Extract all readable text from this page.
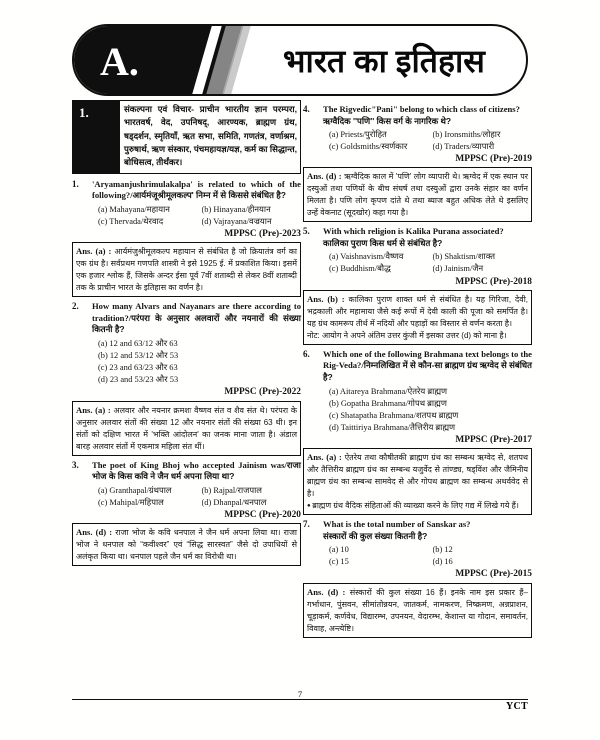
A.	भारत का इतिहास
1.	संकल्पना एवं विचार- प्राचीन भारतीय ज्ञान परम्परा, भारतवर्ष, वेद, उपनिषद्, आरण्यक, ब्राह्मण ग्रंथ, षड्दर्शन, स्मृतियाँ, ऋत सभा, समिति, गणतंत्र, वर्णाश्रम, पुरुषार्थ, ऋण संस्कार, पंचमहायज्ञ/यज्ञ, कर्म का सिद्धान्त, बोधिसत्व, तीर्थंकर।
1.	'Aryamanjushrimulakalpa' is related to which of the following?/आर्यमंजूश्रीमूलकल्प' निम्न में से किससे संबंधित है?
(a) Mahayana/महायान	(b) Hinayana/हीनयान
(c) Thervada/थेरवाद	(d) Vajrayana/वज्रयान
MPPSC (Pre)-2023
Ans. (a) : आर्यमंजुश्रीमूलकल्प महायान से संबंधित है जो क्रियातंत्र वर्ग का एक ग्रंथ है। सर्वप्रथम गणपति शास्त्री ने इसे 1925 ई. में प्रकाशित किया। इसमें एक हजार श्लोक हैं, जिसके अन्दर ईसा पूर्व 7वीं शताब्दी से लेकर 8वीं शताब्दी तक के प्राचीन भारत के इतिहास का वर्णन है।
2.	How many Alvars and Nayanars are there according to tradition?/परंपरा के अनुसार अलवारों और नयनारों की संख्या कितनी है?
(a) 12 and 63/12 और 63
(b) 12 and 53/12 और 53
(c) 23 and 63/23 और 63
(d) 23 and 53/23 और 53
MPPSC (Pre)-2022
Ans. (a) : अलवार और नयनार क्रमशः वैष्णव संत व शैव संत थे। परंपरा के अनुसार अलवार संतों की संख्या 12 और नयनार संतों की संख्या 63 थी। इन संतों को दक्षिण भारत में 'भक्ति आंदोलन' का जनक माना जाता है। अंडाल बारह अलवार संतों में एकमात्र महिला संत थीं।
3.	The poet of King Bhoj who accepted Jainism was/राजा भोज के किस कवि ने जैन धर्म अपना लिया था?
(a) Granthapal/ग्रंथपाल	(b) Rajpal/राजपाल
(c) Mahipal/महिपाल	(d) Dhanpal/धनपाल
MPPSC (Pre)-2020
Ans. (d) : राजा भोज के कवि धनपाल ने जैन धर्म अपना लिया था। राजा भोज ने धनपाल को “कवीश्वर” एवं “सिद्ध सारस्वत” जैसे दो उपाधियों से अलंकृत किया था। धनपाल पहले जैन धर्म का विरोधी था।
4.	The Rigvedic"Pani" belong to which class of citizens?
ऋग्वैदिक ''पणि'' किस वर्ग के नागरिक थे?
(a) Priests/पुरोहित	(b) Ironsmiths/लोहार
(c) Goldsmiths/स्वर्णकार	(d) Traders/व्यापारी
MPPSC (Pre)-2019
Ans. (d) : ऋग्वैदिक काल में 'पणि' लोग व्यापारी थे। ऋग्वेद में एक स्थान पर दस्युओं तथा पणियों के बीच संघर्ष तथा दस्युओं द्वारा उनके संहार का वर्णन मिलता है। पणि लोग कृपण दांते थे तथा ब्याज बहुत अधिक लेते थे इसलिए उन्हें वेकनाट (सूदखोर) कहा गया है।
5.	With which religion is Kalika Purana associated?
कालिका पुराण किस धर्म से संबंधित है?
(a) Vaishnavism/वैष्णव	(b) Shaktism/शाक्त
(c) Buddhism/बौद्ध	(d) Jainism/जैन
MPPSC (Pre)-2018
Ans. (b) : कालिका पुराण शाक्त धर्म से संबंधित है। यह गिरिजा, देवी, भद्रकाली और महामाया जैसे कई रूपों में देवी काली की पूजा को समर्पित है। यह ग्रंथ कामरूप तीर्थ में नदियों और पहाड़ों का विस्तार से वर्णन करता है।
नोट: आयोग ने अपने अंतिम उत्तर कुंजी में इसका उत्तर (d) को माना है।
6.	Which one of the following Brahmana text belongs to the Rig-Veda?/निम्नलिखित में से कौन-सा ब्राह्मण ग्रंथ ऋग्वेद से संबंधित है?
(a) Aitareya Brahmana/ऐतरेय ब्राह्मण
(b) Gopatha Brahmana/गोपथ ब्राह्मण
(c) Shatapatha Brahmana/शतपथ ब्राह्मण
(d) Taittiriya Brahmana/तैत्तिरीय ब्राह्मण
MPPSC (Pre)-2017
Ans. (a) : ऐतरेय तथा कौषीतकी ब्राह्मण ग्रंथ का सम्बन्ध ऋग्वेद से, शतपथ और तैत्तिरीय ब्राह्मण ग्रंथ का सम्बन्ध यजुर्वेद से तांण्ड्य, षड्विंश और जैमिनीय ब्राह्मण ग्रंथ का सम्बन्ध सामवेद से और गोपथ ब्राह्मण का सम्बन्ध अथर्ववेद से है।
● ब्राह्मण ग्रंथ वैदिक संहिताओं की व्याख्या करने के लिए गद्य में लिखे गये हैं।
7.	What is the total number of Sanskar as?
संस्कारों की कुल संख्या कितनी है?
(a) 10	(b) 12
(c) 15	(d) 16
MPPSC (Pre)-2015
Ans. (d) : संस्कारों की कुल संख्या 16 हैं। इनके नाम इस प्रकार हैं– गर्भाधान, पुंसवन, सीमांतोन्नयन, जातकर्म, नामकरण, निष्क्रमण, अन्नप्राशन, चूड़ाकर्म, कर्णवेध, विद्यारम्भ, उपनयन, वेदारम्भ, केशान्त या गोदान, समावर्तन, विवाह, अन्त्येष्टि।
7
YCT
